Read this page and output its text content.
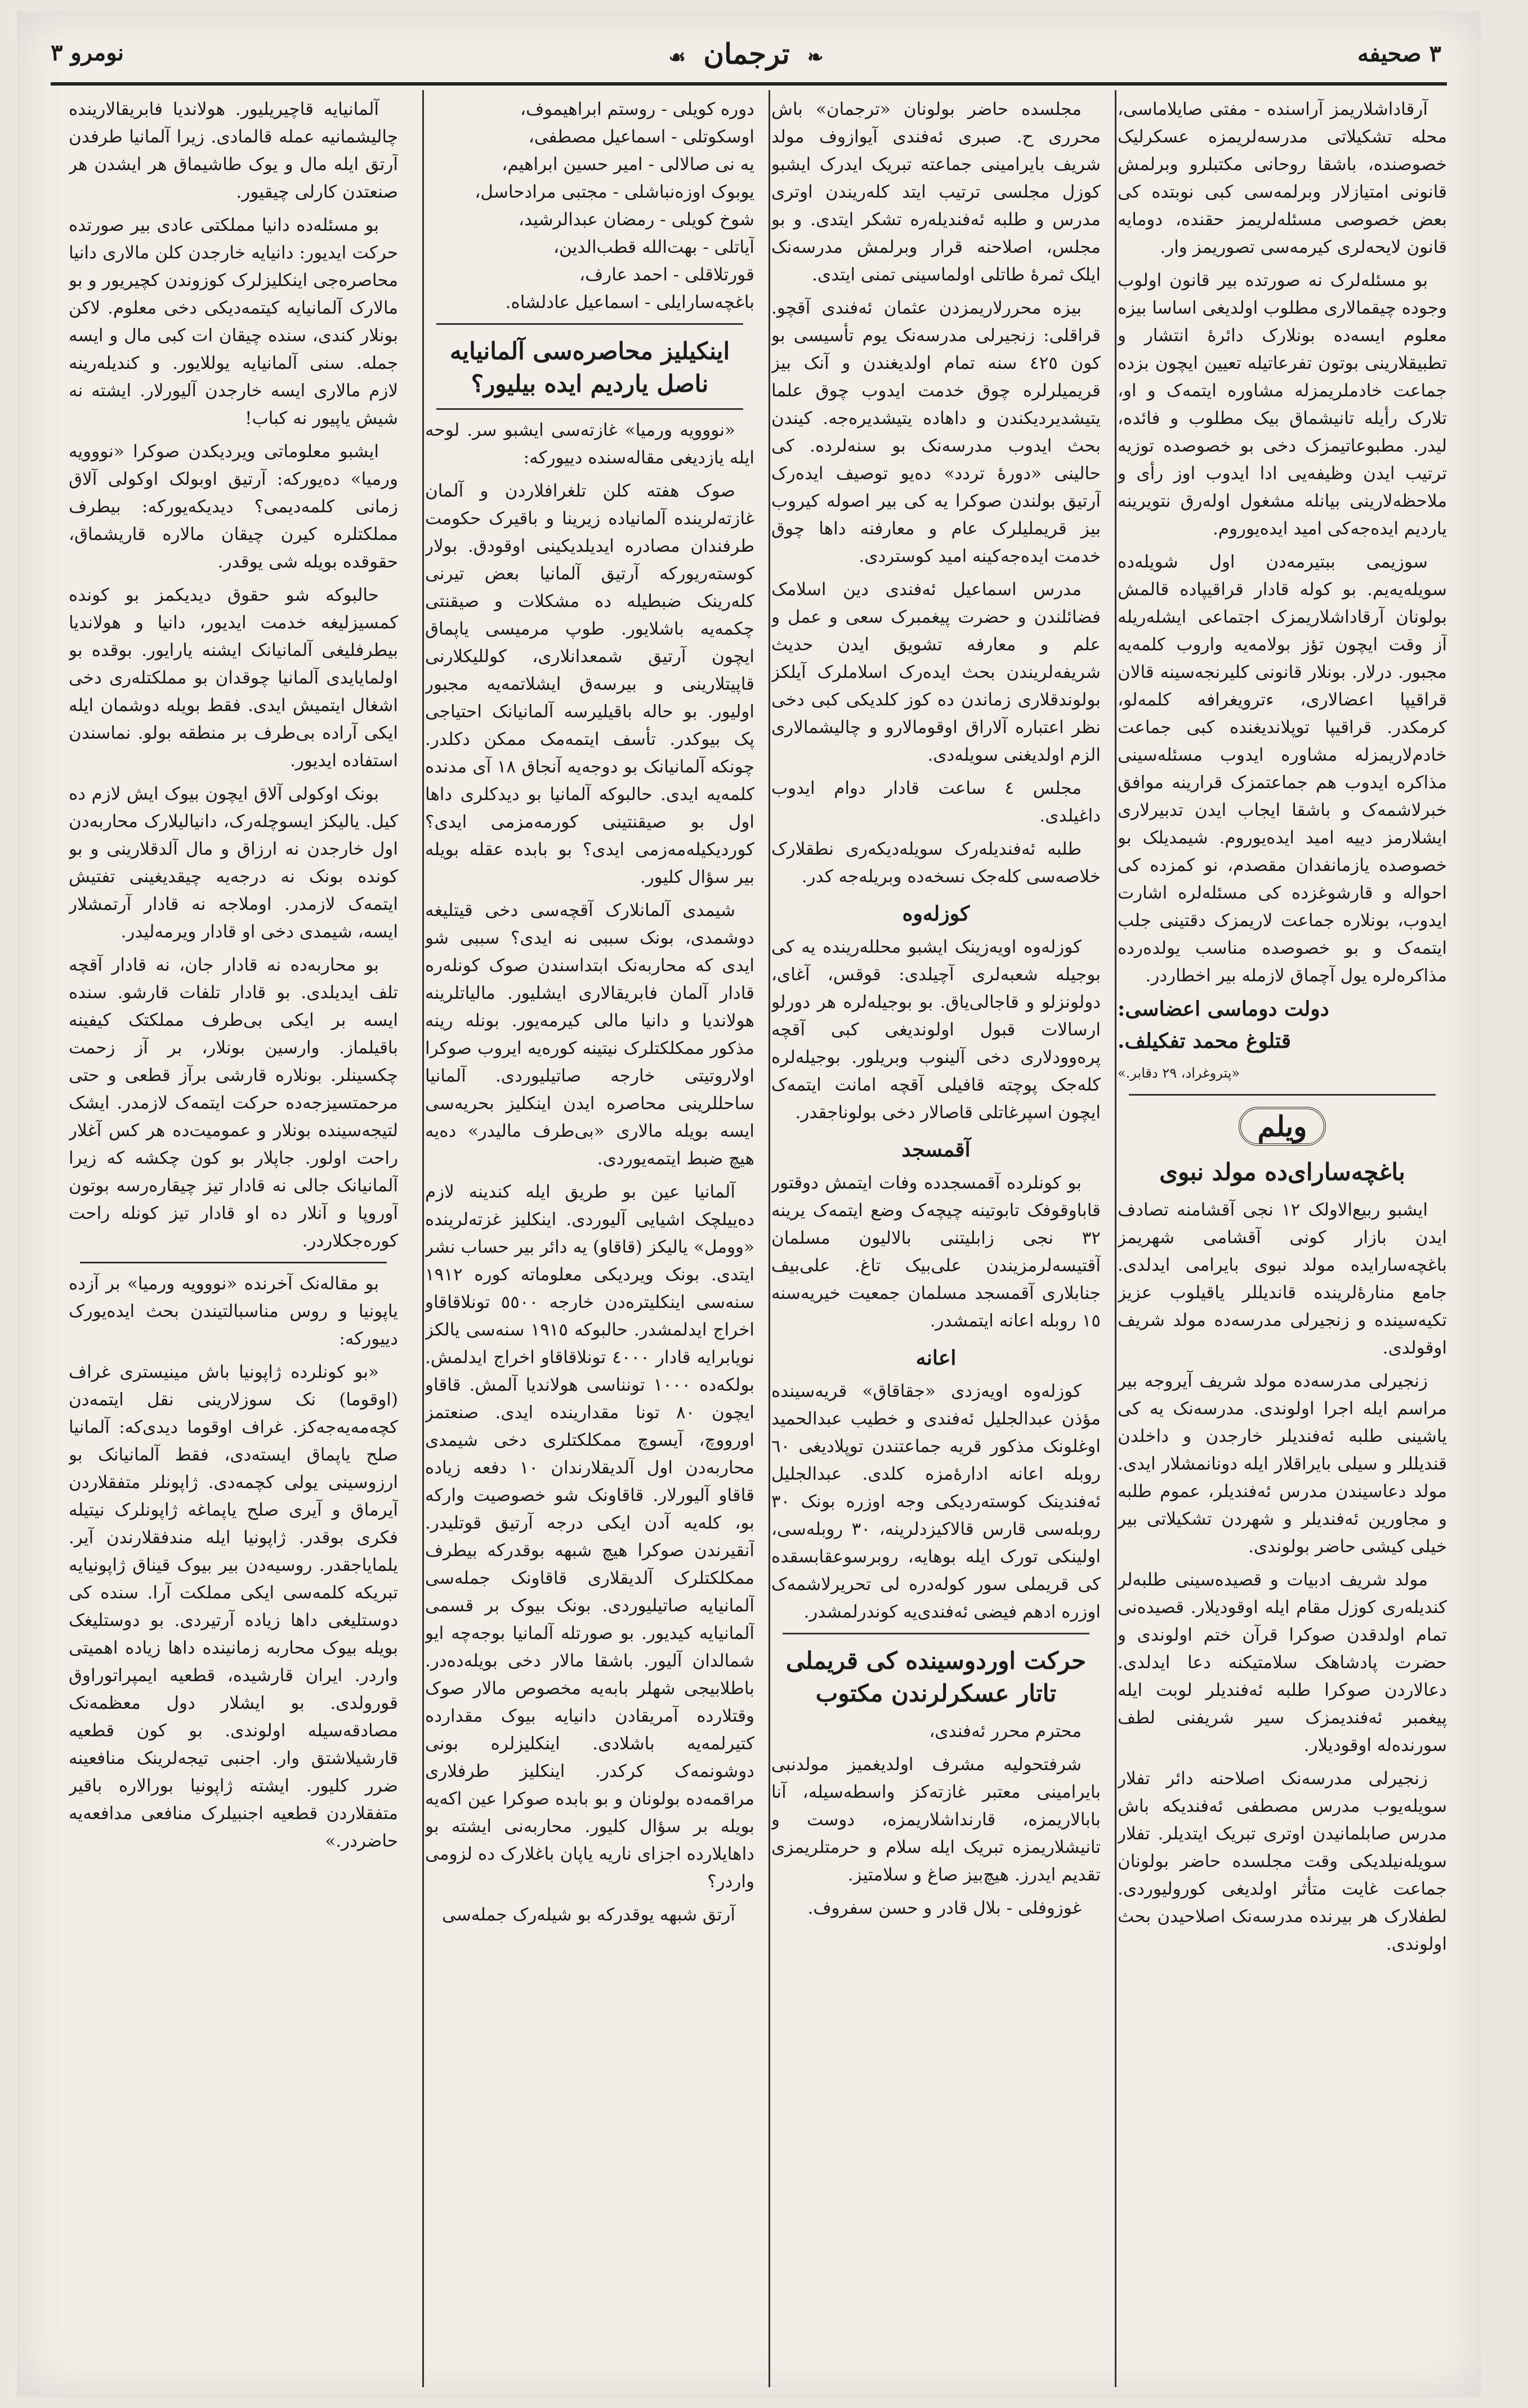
٣ صحيفه
❧ ترجمان ☙
نومرو ٣

آرقاداشلاریمز آراسنده - مفتی صایلاماسی، محله تشکیلاتی مدرسه‌لریمزه عسکرلیک خصوصنده، باشقا روحانی مکتبلرو وبرلمش قانونی امتیازلار وبرلمه‌سی کبی نوبتده کی بعض خصوصی مسئله‌لریمز حقنده، دومایه قانون لایحه‌لری کیرمه‌سی تصوریمز وار.

بو مسئله‌لرک نه صورتده بیر قانون اولوب وجوده چیقمالاری مطلوب اولدیغی اساسا بیزه معلوم ایسه‌ده بونلارک دائرۀ انتشار و تطبیقلارینی بوتون تفرعاتیله تعیین ایچون بزده جماعت خادملریمزله مشاوره ایتمه‌ک و او، تلارک رأیله تانیشماق بیک مطلوب و فائده، لیدر. مطبوعاتیمزک دخی بو خصوصده توزیه ترتیب ایدن وظیفه‌یی ادا ایدوب اوز رأی و ملاحظه‌لارینی بیانله مشغول اوله‌رق نتویرینه یاردیم ایده‌جه‌کی امید ایده‌یوروم.

سوزیمی ببتیرمه‌دن اول شویله‌ده سویله‌یه‌یم. بو کوله قادار قراقیپاده قالمش بولونان آرقاداشلاریمزک اجتماعی ایشله‌ریله آز وقت ایچون تؤز بولامه‌یه واروب کلمه‌یه مجبور. درلار. بونلار قانونی کلیرنجه‌سینه قالان قراقیپا اعضالاری، ء‌ترویغرافه کلمه‌لو، کرمکدر. قراقیپا توپلاندیغنده کبی جماعت خادم‌لاریمزله مشاوره ایدوب مسئله‌سینی مذاکره ایدوب هم جماعتمزک قرارینه موافق خبرلاشمه‌ک و باشقا ایجاب ایدن تدبیرلاری ایشلارمز دییه امید ایده‌یوروم. شیمدیلک بو خصوصده یازمانفدان مقصدم، نو کمزده کی احواله و قارشوغزده کی مسئله‌لره اشارت ایدوب، بونلاره جماعت لاریمزک دقتینی جلب ایتمه‌ک و بو خصوصده مناسب یولده‌رده مذاکره‌لره یول آچماق لازمله بیر اخطاردر.

دولت دوماسی اعضاسی:
قتلوغ محمد تفکیلف.
«پتروغراد، ٢٩ دقابر.»
ویلم
باغچه‌سارای‌ده مولد نبوی

ایشبو ربیع‌الاولک ١٢ نجی آقشامنه تصادف ایدن بازار کونی آقشامی شهریمز باغچه‌سارایده مولد نبوی بایرامی ایدلدی. جامع منارۀ‌لرینده قاندیللر یاقیلوب عزیز تکیه‌سینده و زنجیرلی مدرسه‌ده مولد شریف اوقولدی.

زنجیرلی مدرسه‌ده مولد شریف آیروجه بیر مراسم ایله اجرا اولوندی. مدرسه‌نک یه کی یاشینی طلبه ئه‌فندیلر خارجدن و داخلدن قندیللر و سیلی بایراقلار ایله دونانمشلار ایدی. مولد دعاسیندن مدرس ئه‌فندیلر، عموم طلبه و مجاورین ئه‌فندیلر و شهردن تشکیلاتی بیر خیلی کیشی حاضر بولوندی.

مولد شریف ادبیات و قصیده‌سینی طلبه‌لر کندیله‌ری کوزل مقام ایله اوقودیلار. قصیده‌نی تمام اولدقدن صوکرا قرآن ختم اولوندی و حضرت پادشاهک سلامتیکنه دعا ایدلدی. دعالاردن صوکرا طلبه ئه‌فندیلر لوبت ایله پیغمبر ئه‌فندیمزک سیر شریفنی لطف سورنده‌له اوقودیلار.

زنجیرلی مدرسه‌نک اصلاحنه دائر تفلار سویله‌یوب مدرس مصطفی ئه‌فندیکه باش مدرس صابلمانیدن اوتری تبریک ایتدیلر. تفلار سویله‌نیلدیکی وقت مجلسده حاضر بولونان جماعت غایت متأثر اولدیغی کورولیوردی. لطفلارک هر بیرنده مدرسه‌نک اصلاحیدن بحث اولوندی.

مجلسده حاضر بولونان «ترجمان» باش محرری ح. صبری ئه‌فندی آیوازوف مولد شریف بایرامینی جماعته تبریک ایدرک ایشبو کوزل مجلسی ترتیب ایتد کله‌ریندن اوتری مدرس و طلبه ئه‌فندیله‌ره تشکر ایتدی. و بو مجلس، اصلاحنه قرار وبرلمش مدرسه‌نک ایلک ثمرۀ طاتلی اولماسینی تمنی ایتدی.

بیزه محررلاریمزدن عثمان ئه‌فندی آقچو. قراقلی: زنجیرلی مدرسه‌نک یوم تأسیسی بو کون ٤٢٥ سنه تمام اولدیغندن و آنک بیز قریمیلرلره چوق خدمت ایدوب چوق علما یتیشدیردیکندن و داهاده یتیشدیره‌جه. کیندن بحث ایدوب مدرسه‌نک بو سنه‌لرده. کی حالینی «دورۀ تردد» ده‌یو توصیف ایده‌رک آرتیق بولندن صوکرا یه کی بیر اصوله کیروب بیز قریملیلرک عام و معارفنه داها چوق خدمت ایده‌جه‌کینه امید کوستردی.

مدرس اسماعیل ئه‌فندی دین اسلامک فضائلندن و حضرت پیغمبرک سعی و عمل و علم و معارفه تشویق ایدن حدیث شریفه‌لریندن بحث ایده‌رک اسلاملرک آیلکز بولوندقلاری زماندن ده کوز کلدیکی کبی دخی نظر اعتباره آلاراق اوقومالارو و چالیشمالاری الزم اولدیغنی سویله‌دی.

مجلس ٤ ساعت قادار دوام ایدوب داغیلدی.

طلبه ئه‌فندیله‌رک سویله‌دیکه‌ری نطقلارک خلاصه‌سی کله‌جک نسخه‌ده وبریله‌جه کدر.

کوزله‌وه

کوزله‌وه اویه‌زینک ایشبو محلله‌رینده یه کی بوجیله شعبه‌لری آچیلدی: قوقس، آغای، دولونزلو و قاجالی‌یاق. بو بوجیله‌لره هر دورلو ارسالات قبول اولوندیغی کبی آقچه پره‌وودلاری دخی آلینوب وبریلور. بوجیله‌لره کله‌جک پوچته قافیلی آقچه امانت ایتمه‌ک ایچون اسپرغاتلی قاصالار دخی بولوناجقدر.

آقمسجد

بو کونلرده آقمسجدده وفات ایتمش دوقتور قاباو‌قوفک تابوتینه چیچه‌ک وضع ایتمه‌ک یرینه ٣٢ نجی زابلیتنی بالالیون مسلمان آقتیسه‌لرمزیندن علی‌بیک تاغ. علی‌بیف جنابلاری آقمسجد مسلمان جمعیت خیریه‌سنه ١٥ روبله اعانه ایتمشدر.

اعانه

کوزله‌وه اویه‌زدی «جقاقاق» قریه‌سینده مؤذن عبدالجلیل ئه‌فندی و خطیب عبدالحمید اوغلونک مذکور قریه جماعتندن توپلادیغی ٦٠ روبله اعانه ادارۀمزه کلدی. عبدالجلیل ئه‌فندینک کوسته‌ردیکی وجه اوزره بونک ٣٠ روبله‌سی قارس قالاکیزدلرینه، ٣٠ روبله‌سی، اولینکی تورک ایله بوهایه، روبرسوعقابسقده کی قریملی سور کوله‌دره لی تحریرلاشمه‌ک اوزره ادهم فیضی ئه‌فندی‌یه کوندرلمشدر.

حرکت اوردوسینده کی قریملی تاتار عسکرلرندن مکتوب

محترم محرر ئه‌فندی،

شرفتحوليه مشرف اولدیغمیز مولدنبی بایرامینی معتبر غازته‌کز واسطه‌سیله، آنا بابالاریمزه، قارنداشلاریمزه، دوست و تانیشلاریمزه تبریک ایله سلام و حرمتلریمزی تقدیم ایدرز. هیچ‌بیز صاغ و سلامتیز.

غوزوفلی - بلال قادر و حسن سفروف.

دوره کویلی - روستم ابراهیموف،
اوسکوتلی - اسماعیل مصطفی،
یه نی صالالی - امیر حسین ابراهیم،
یوبوک اوزه‌نباشلی - مجتبی مرادحاسل،
شوخ کویلی - رمضان عبدالرشید،
آیاتلی - بهت‌الله قطب‌الدین،
قورتلاقلی - احمد عارف،
باغچه‌سارایلی - اسماعیل عادلشاه.
اینکیلیز محاصره‌سی آلمانیایه ناصل یاردیم ایده بیلیور؟

«نووویه ورمیا» غازته‌سی ایشبو سر. لوحه ایله یازدیغی مقاله‌سنده دییورکه:

صوک هفته کلن تلغرافلاردن و آلمان غازته‌لرینده آلمانیاده زیرینا و باقیرک حکومت طرفندان مصادره ایدیلدیکینی اوقودق. بولار کوسته‌ریورکه آرتیق آلمانیا بعض تیرنی کله‌رینک ضبطیله ده مشکلات و صیقنتی چکمه‌یه باشلایور. طوپ مرمیسی یاپماق ایچون آرتیق شمعدانلاری، کوللیکلارنی قاپیتلارینی و بیرسه‌ق ایشلاتمه‌یه مجبور اولیور. بو حاله باقیلیرسه آلمانیانک احتیاجی پک بیوکدر. تأسف ایتمه‌مک ممکن دکلدر. چونکه آلمانیانک بو دوجه‌یه آنجاق ١٨ آی مدنده کلمه‌یه ایدی. حالبوکه آلمانیا بو دیدکلری داها اول بو صیقنتینی کورمه‌مزمی ایدی؟ کوردیکیله‌مه‌زمی ایدی؟ بو بابده عقله بویله بیر سؤال کلیور.

شیمدی آلمانلارک آقچه‌سی دخی قیتلیغه دوشمدی، بونک سببی نه ایدی؟ سببی شو ایدی که محاربه‌نک ابتداسندن صوک کونله‌ره قادار آلمان فابریقالاری ایشلیور. مالیاتلرینه هولاندیا و دانیا مالی کیرمه‌یور. بونله رینه مذکور ممکلکتلرک نیتینه کوره‌یه ایروب صوکرا اولاروتیتی خارجه صاتیلیوردی. آلمانیا ساحللرینی محاصره ایدن اینکلیز بحریه‌سی ایسه بویله مالاری «بی‌طرف مالیدر» ده‌یه هیچ ضبط ایتمه‌یوردی.

آلمانیا عین بو طریق ایله کندینه لازم ده‌ییلچک اشیایی آلیوردی. اینکلیز غزته‌لرینده «وومل» یالیکز (قاقاو) یه دائر بیر حساب نشر ایتدی. بونک ویردیکی معلوماته کوره ١٩١٢ سنه‌سی اینکلیتره‌دن خارجه ٥٥٠٠ تونلاقاقاو اخراج ایدلمشدر. حالبوکه ١٩١٥ سنه‌سی یالکز نویابرایه قادار ٤٠٠٠ تونلاقاقاو اخراج ایدلمش. بولکه‌ده ١٠٠٠ تونناسی هولاندیا آلمش. قاقاو ایچون ٨٠ تونا مقدارینده ایدی. صنعتمز اورووچ، آیسوچ ممکلکتلری دخی شیمدی محاربه‌دن اول آلدیقلارندان ١٠ دفعه زیاده قاقاو آلیورلار. قاقاونک شو خصوصیت وارکه بو، کله‌یه آدن ایکی درجه آرتیق قوتلیدر. آنقیرندن صوکرا هیچ شبهه بوقدرکه بیطرف ممکلکتلرک آلدیقلاری قاقاونک جمله‌سی آلمانیایه صاتیلیوردی. بونک بیوک بر قسمی آلمانیایه کیدیور. بو صورتله آلمانیا بوجه‌چه ایو شمالدان آلیور. باشقا مالار دخی بویله‌ده‌در. باطلابیجی شهلر بابه‌یه مخصوص مالار صوک وقتلارده آمریقادن دانیایه بیوک مقدارده کتیرلمه‌یه باشلادی. اینکلیزلره بونی دوشونمه‌ک کرکدر. اینکلیز طرفلاری مراقمه‌ده بولونان و بو بابده صوکرا عین اکه‌یه بویله بر سؤال کلیور. محاربه‌نی ایشته بو داهایلارده اجزای ناریه یاپان باغلارک ده لزومی واردر؟

آرتق شبهه یوقدرکه بو شیله‌رک جمله‌سی

آلمانیایه قاچیریلیور. هولاندیا فابریقالارینده چالیشمانیه عمله قالمادی. زیرا آلمانیا طرفدن آرتق ایله مال و یوک طاشیماق هر ایشدن هر صنعتدن کارلی چیقیور.

بو مسئله‌ده دانیا مملکتی عادی بیر صورتده حرکت ایدیور: دانیایه خارجدن کلن مالاری دانیا محاصره‌جی اینکلیزلرک کوزوندن کچیریور و بو مالارک آلمانیایه کیتمه‌دیکی دخی معلوم. لاکن بونلار کندی، سنده چیقان ات کبی مال و ایسه جمله. سنی آلمانیایه یوللایور. و کندیله‌رینه لازم مالاری ایسه خارجدن آلیورلار. ایشته نه شیش یاپیور نه کباب!

ایشبو معلوماتی ویردیکدن صوکرا «نووویه ورمیا» ده‌یورکه: آرتیق اوبولک اوکولی آلاق زمانی کلمه‌دیمی؟ دیدیکه‌یورکه: بیطرف مملکتلره کیرن چیقان مالاره قاریشماق، حقوقده بویله شی یوقدر.

حالبوکه شو حقوق دیدیکمز بو کونده کمسیزلیغه خدمت ایدیور، دانیا و هولاندیا بیطرفلیغی آلمانیانک ایشنه یارایور. بوقده بو اولمایایدی آلمانیا چوقدان بو مملکتله‌ری دخی اشغال ایتمیش ایدی. فقط بویله دوشمان ایله ایکی آراده بی‌طرف بر منطقه بولو. نماسندن استفاده ایدیور.

بونک اوکولی آلاق ایچون بیوک ایش لازم ده کیل. یالیکز ایسوچله‌رک، دانیالیلارک محاربه‌دن اول خارجدن نه ارزاق و مال آلدقلارینی و بو کونده بونک نه درجه‌یه چیقدیغینی تفتیش ایتمه‌ک لازمدر. اوملاجه نه قادار آرتمشلار ایسه، شیمدی دخی او قادار ویرمه‌لیدر.

بو محاربه‌ده نه قادار جان، نه قادار آقچه تلف ایدیلدی. بو قادار تلفات قارشو. سنده ایسه بر ایکی بی‌طرف مملکتک کیفینه باقیلماز. وارسین بونلار، بر آز زحمت چکسینلر. بونلاره قارشی برآز قطعی و حتی مرحمتسیزجه‌ده حرکت ایتمه‌ک لازمدر. ایشک لتیجه‌سینده بونلار و عمومیت‌ده هر کس آغلار راحت اولور. جاپلار بو کون چکشه که زیرا آلمانیانک جالی نه قادار تیز چیقاره‌رسه بوتون آوروپا و آنلار ده او قادار تیز کونله راحت کوره‌جکلاردر.

بو مقاله‌نک آخرنده «نووویه ورمیا» بر آزده یاپونیا و روس مناسبالتیندن بحث ایده‌یورک دییورکه:

«بو کونلرده ژاپونیا باش مینیستری غراف (اوقوما) نک سوزلارینی نقل ایتمه‌دن کچه‌مه‌یه‌جه‌کز. غراف اوقوما دیدی‌که: آلمانیا صلح یاپماق ایسته‌دی، فقط آلمانیانک بو ارزوسینی یولی کچمه‌دی. ژاپونلر متفقلاردن آیرماق و آیری صلح یاپماغه ژاپونلرک نیتیله فکری بوقدر. ژاپونیا ایله مندفقلارندن آیر. یلمایاجقدر. روسیه‌دن بیر بیوک قیناق ژاپونیایه تبریکه کلمه‌سی ایکی مملکت آرا. سنده کی دوستلیغی داها زیاده آرتیردی. بو دوستلیغک بویله بیوک محاربه زمانینده داها زیاده اهمیتی واردر. ایران قارشیده، قطعیه ایمپراتوراوق قورولدی. بو ایشلار دول معظمه‌نک مصادقه‌سیله اولوندی. بو کون قطعیه قارشیلاشتق وار. اجنبی تیجه‌لرینک منافعینه ضرر کلیور. ایشته ژاپونیا بورالاره باقیر متفقلاردن قطعیه اجنبیلرک منافعی مدافعه‌یه حاضردر.»
